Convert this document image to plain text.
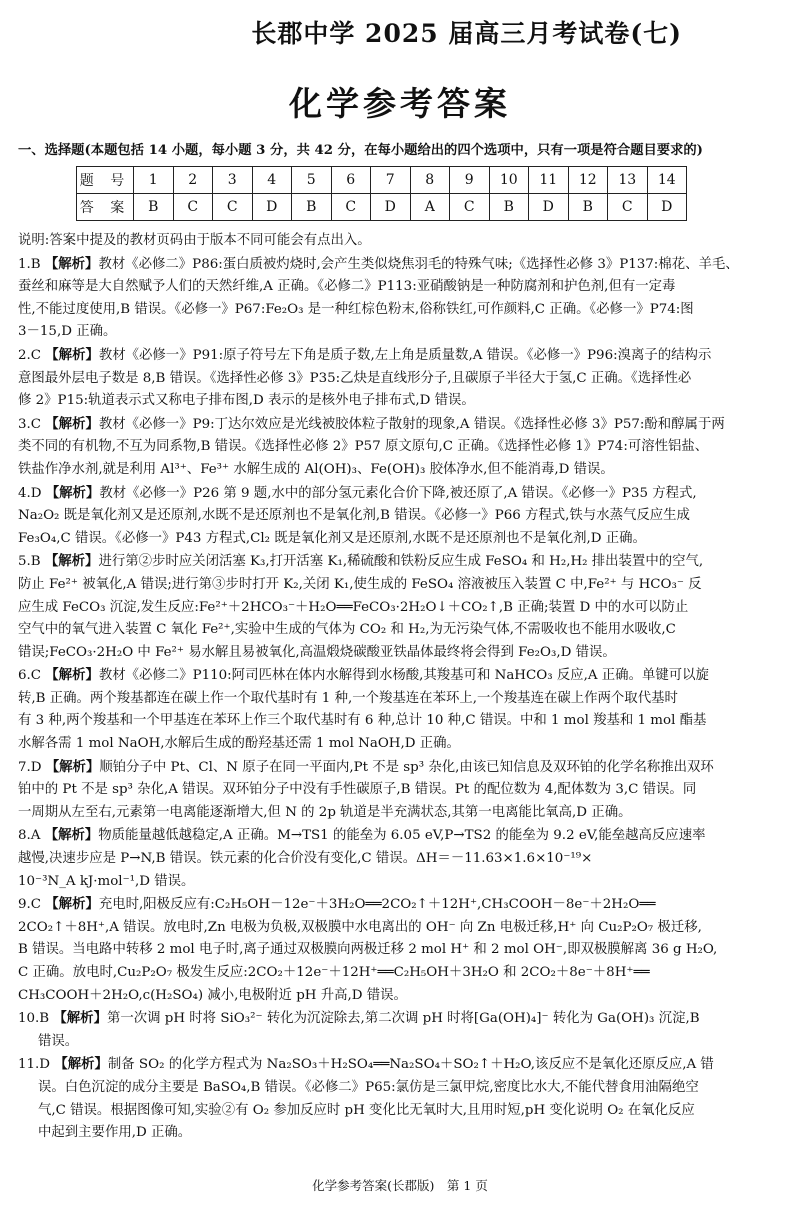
长郡中学 2025 届高三月考试卷(七)
化学参考答案
一、选择题(本题包括 14 小题，每小题 3 分，共 42 分，在每小题给出的四个选项中，只有一项是符合题目要求的)
题 号	1	2	3	4	5	6	7	8	9	10	11	12	13	14
答 案	B	C	C	D	B	C	D	A	C	B	D	B	C	D

说明:答案中提及的教材页码由于版本不同可能会有点出入。

1.B 【解析】教材《必修二》P86:蛋白质被灼烧时,会产生类似烧焦羽毛的特殊气味;《选择性必修 3》P137:棉花、羊毛、

蚕丝和麻等是大自然赋予人们的天然纤维,A 正确。《必修二》P113:亚硝酸钠是一种防腐剂和护色剂,但有一定毒

性,不能过度使用,B 错误。《必修一》P67:Fe₂O₃ 是一种红棕色粉末,俗称铁红,可作颜料,C 正确。《必修一》P74:图

3－15,D 正确。

2.C 【解析】教材《必修一》P91:原子符号左下角是质子数,左上角是质量数,A 错误。《必修一》P96:溴离子的结构示

意图最外层电子数是 8,B 错误。《选择性必修 3》P35:乙炔是直线形分子,且碳原子半径大于氢,C 正确。《选择性必

修 2》P15:轨道表示式又称电子排布图,D 表示的是核外电子排布式,D 错误。

3.C 【解析】教材《必修一》P9:丁达尔效应是光线被胶体粒子散射的现象,A 错误。《选择性必修 3》P57:酚和醇属于两

类不同的有机物,不互为同系物,B 错误。《选择性必修 2》P57 原文原句,C 正确。《选择性必修 1》P74:可溶性铝盐、

铁盐作净水剂,就是利用 Al³⁺、Fe³⁺ 水解生成的 Al(OH)₃、Fe(OH)₃ 胶体净水,但不能消毒,D 错误。

4.D 【解析】教材《必修一》P26 第 9 题,水中的部分氢元素化合价下降,被还原了,A 错误。《必修一》P35 方程式,

Na₂O₂ 既是氧化剂又是还原剂,水既不是还原剂也不是氧化剂,B 错误。《必修一》P66 方程式,铁与水蒸气反应生成

Fe₃O₄,C 错误。《必修一》P43 方程式,Cl₂ 既是氧化剂又是还原剂,水既不是还原剂也不是氧化剂,D 正确。

5.B 【解析】进行第②步时应关闭活塞 K₃,打开活塞 K₁,稀硫酸和铁粉反应生成 FeSO₄ 和 H₂,H₂ 排出装置中的空气,

防止 Fe²⁺ 被氧化,A 错误;进行第③步时打开 K₂,关闭 K₁,使生成的 FeSO₄ 溶液被压入装置 C 中,Fe²⁺ 与 HCO₃⁻ 反

应生成 FeCO₃ 沉淀,发生反应:Fe²⁺＋2HCO₃⁻＋H₂O══FeCO₃·2H₂O↓＋CO₂↑,B 正确;装置 D 中的水可以防止

空气中的氧气进入装置 C 氧化 Fe²⁺,实验中生成的气体为 CO₂ 和 H₂,为无污染气体,不需吸收也不能用水吸收,C

错误;FeCO₃·2H₂O 中 Fe²⁺ 易水解且易被氧化,高温煅烧碳酸亚铁晶体最终将会得到 Fe₂O₃,D 错误。

6.C 【解析】教材《必修二》P110:阿司匹林在体内水解得到水杨酸,其羧基可和 NaHCO₃ 反应,A 正确。单键可以旋

转,B 正确。两个羧基都连在碳上作一个取代基时有 1 种,一个羧基连在苯环上,一个羧基连在碳上作两个取代基时

有 3 种,两个羧基和一个甲基连在苯环上作三个取代基时有 6 种,总计 10 种,C 错误。中和 1 mol 羧基和 1 mol 酯基

水解各需 1 mol NaOH,水解后生成的酚羟基还需 1 mol NaOH,D 正确。

7.D 【解析】顺铂分子中 Pt、Cl、N 原子在同一平面内,Pt 不是 sp³ 杂化,由该已知信息及双环铂的化学名称推出双环

铂中的 Pt 不是 sp³ 杂化,A 错误。双环铂分子中没有手性碳原子,B 错误。Pt 的配位数为 4,配体数为 3,C 错误。同

一周期从左至右,元素第一电离能逐渐增大,但 N 的 2p 轨道是半充满状态,其第一电离能比氧高,D 正确。

8.A 【解析】物质能量越低越稳定,A 正确。M→TS1 的能垒为 6.05 eV,P→TS2 的能垒为 9.2 eV,能垒越高反应速率

越慢,决速步应是 P→N,B 错误。铁元素的化合价没有变化,C 错误。ΔH＝－11.63×1.6×10⁻¹⁹×

10⁻³N_A kJ·mol⁻¹,D 错误。

9.C 【解析】充电时,阳极反应有:C₂H₅OH－12e⁻＋3H₂O══2CO₂↑＋12H⁺,CH₃COOH－8e⁻＋2H₂O══

2CO₂↑＋8H⁺,A 错误。放电时,Zn 电极为负极,双极膜中水电离出的 OH⁻ 向 Zn 电极迁移,H⁺ 向 Cu₂P₂O₇ 极迁移,

B 错误。当电路中转移 2 mol 电子时,离子通过双极膜向两极迁移 2 mol H⁺ 和 2 mol OH⁻,即双极膜解离 36 g H₂O,

C 正确。放电时,Cu₂P₂O₇ 极发生反应:2CO₂＋12e⁻＋12H⁺══C₂H₅OH＋3H₂O 和 2CO₂＋8e⁻＋8H⁺══

CH₃COOH＋2H₂O,c(H₂SO₄) 减小,电极附近 pH 升高,D 错误。

10.B 【解析】第一次调 pH 时将 SiO₃²⁻ 转化为沉淀除去,第二次调 pH 时将[Ga(OH)₄]⁻ 转化为 Ga(OH)₃ 沉淀,B

错误。

11.D 【解析】制备 SO₂ 的化学方程式为 Na₂SO₃＋H₂SO₄══Na₂SO₄＋SO₂↑＋H₂O,该反应不是氧化还原反应,A 错

误。白色沉淀的成分主要是 BaSO₄,B 错误。《必修二》P65:氯仿是三氯甲烷,密度比水大,不能代替食用油隔绝空

气,C 错误。根据图像可知,实验②有 O₂ 参加反应时 pH 变化比无氧时大,且用时短,pH 变化说明 O₂ 在氧化反应

中起到主要作用,D 正确。

化学参考答案(长郡版)　第 1 页
